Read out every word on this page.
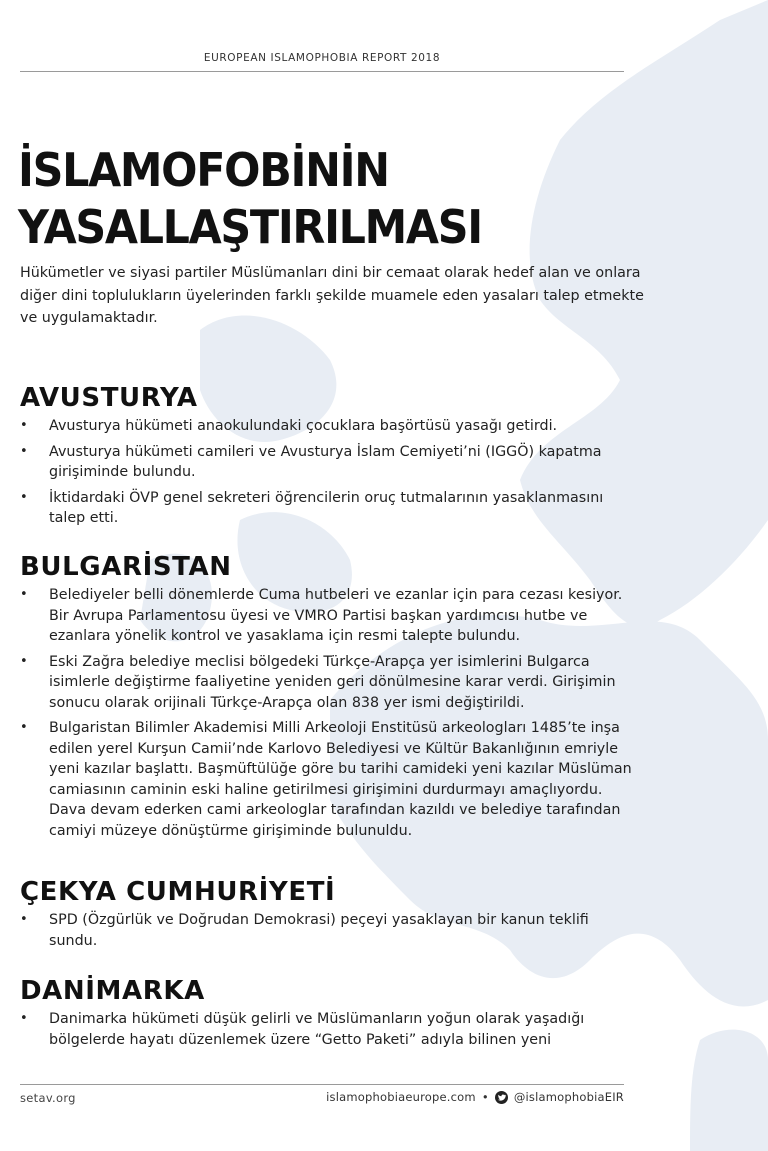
EUROPEAN ISLAMOPHOBIA REPORT 2018
İSLAMOFOBİNİN
YASALLAŞTIRILMASI

Hükümetler ve siyasi partiler Müslümanları dini bir cemaat olarak hedef alan ve onlara diğer dini toplulukların üyelerinden farklı şekilde muamele eden yasaları talep etmekte ve uygulamaktadır.

AVUSTURYA
• Avusturya hükümeti anaokulundaki çocuklara başörtüsü yasağı getirdi.
• Avusturya hükümeti camileri ve Avusturya İslam Cemiyeti’ni (IGGÖ) kapatma girişiminde bulundu.
• İktidardaki ÖVP genel sekreteri öğrencilerin oruç tutmalarının yasaklanmasını talep etti.
BULGARİSTAN
• Belediyeler belli dönemlerde Cuma hutbeleri ve ezanlar için para cezası kesiyor. Bir Avrupa Parlamentosu üyesi ve VMRO Partisi başkan yardımcısı hutbe ve ezanlara yönelik kontrol ve yasaklama için resmi talepte bulundu.
• Eski Zağra belediye meclisi bölgedeki Türkçe-Arapça yer isimlerini Bulgarca isimlerle değiştirme faaliyetine yeniden geri dönülmesine karar verdi. Girişimin sonucu olarak orijinali Türkçe-Arapça olan 838 yer ismi değiştirildi.
• Bulgaristan Bilimler Akademisi Milli Arkeoloji Enstitüsü arkeologları 1485’te inşa edilen yerel Kurşun Camii’nde Karlovo Belediyesi ve Kültür Bakanlığının emriyle yeni kazılar başlattı. Başmüftülüğe göre bu tarihi camideki yeni kazılar Müslüman camiasının caminin eski haline getirilmesi girişimini durdurmayı amaçlıyordu. Dava devam ederken cami arkeologlar tarafından kazıldı ve belediye tarafından camiyi müzeye dönüştürme girişiminde bulunuldu.
ÇEKYA CUMHURİYETİ
• SPD (Özgürlük ve Doğrudan Demokrasi) peçeyi yasaklayan bir kanun teklifi sundu.
DANİMARKA
• Danimarka hükümeti düşük gelirli ve Müslümanların yoğun olarak yaşadığı bölgelerde hayatı düzenlemek üzere “Getto Paketi” adıyla bilinen yeni
setav.org	islamophobiaeurope.com • @islamophobiaEIR
